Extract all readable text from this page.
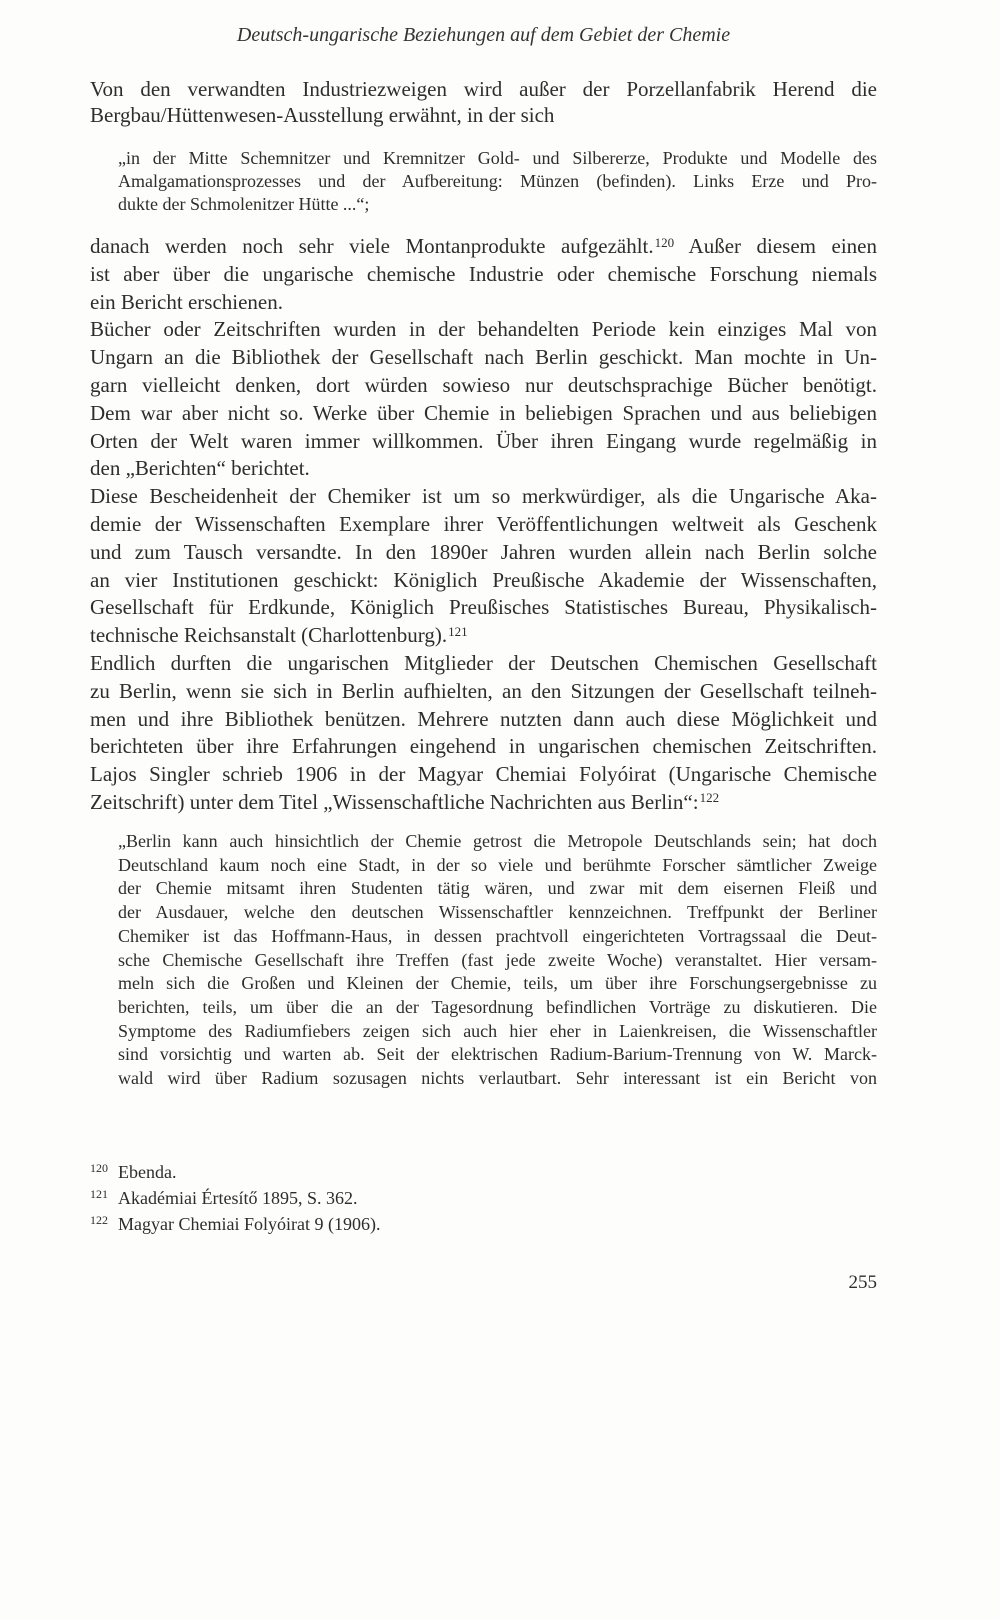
Deutsch-ungarische Beziehungen auf dem Gebiet der Chemie
Von den verwandten Industriezweigen wird außer der Porzellanfabrik Herend die
Bergbau/Hüttenwesen-Ausstellung erwähnt, in der sich
„in der Mitte Schemnitzer und Kremnitzer Gold- und Silbererze, Produkte und Modelle des
Amalgamationsprozesses und der Aufbereitung: Münzen (befinden). Links Erze und Pro-
dukte der Schmolenitzer Hütte ...“;
danach werden noch sehr viele Montanprodukte aufgezählt.$^{120}$ Außer diesem einen
ist aber über die ungarische chemische Industrie oder chemische Forschung niemals
ein Bericht erschienen.
Bücher oder Zeitschriften wurden in der behandelten Periode kein einziges Mal von
Ungarn an die Bibliothek der Gesellschaft nach Berlin geschickt. Man mochte in Un-
garn vielleicht denken, dort würden sowieso nur deutschsprachige Bücher benötigt.
Dem war aber nicht so. Werke über Chemie in beliebigen Sprachen und aus beliebigen
Orten der Welt waren immer willkommen. Über ihren Eingang wurde regelmäßig in
den „Berichten“ berichtet.
Diese Bescheidenheit der Chemiker ist um so merkwürdiger, als die Ungarische Aka-
demie der Wissenschaften Exemplare ihrer Veröffentlichungen weltweit als Geschenk
und zum Tausch versandte. In den 1890er Jahren wurden allein nach Berlin solche
an vier Institutionen geschickt: Königlich Preußische Akademie der Wissenschaften,
Gesellschaft für Erdkunde, Königlich Preußisches Statistisches Bureau, Physikalisch-
technische Reichsanstalt (Charlottenburg).$^{121}$
Endlich durften die ungarischen Mitglieder der Deutschen Chemischen Gesellschaft
zu Berlin, wenn sie sich in Berlin aufhielten, an den Sitzungen der Gesellschaft teilneh-
men und ihre Bibliothek benützen. Mehrere nutzten dann auch diese Möglichkeit und
berichteten über ihre Erfahrungen eingehend in ungarischen chemischen Zeitschriften.
Lajos Singler schrieb 1906 in der Magyar Chemiai Folyóirat (Ungarische Chemische
Zeitschrift) unter dem Titel „Wissenschaftliche Nachrichten aus Berlin“:$^{122}$
„Berlin kann auch hinsichtlich der Chemie getrost die Metropole Deutschlands sein; hat doch
Deutschland kaum noch eine Stadt, in der so viele und berühmte Forscher sämtlicher Zweige
der Chemie mitsamt ihren Studenten tätig wären, und zwar mit dem eisernen Fleiß und
der Ausdauer, welche den deutschen Wissenschaftler kennzeichnen. Treffpunkt der Berliner
Chemiker ist das Hoffmann-Haus, in dessen prachtvoll eingerichteten Vortragssaal die Deut-
sche Chemische Gesellschaft ihre Treffen (fast jede zweite Woche) veranstaltet. Hier versam-
meln sich die Großen und Kleinen der Chemie, teils, um über ihre Forschungsergebnisse zu
berichten, teils, um über die an der Tagesordnung befindlichen Vorträge zu diskutieren. Die
Symptome des Radiumfiebers zeigen sich auch hier eher in Laienkreisen, die Wissenschaftler
sind vorsichtig und warten ab. Seit der elektrischen Radium-Barium-Trennung von W. Marck-
wald wird über Radium sozusagen nichts verlautbart. Sehr interessant ist ein Bericht von
120 Ebenda.
121 Akadémiai Értesítő 1895, S. 362.
122 Magyar Chemiai Folyóirat 9 (1906).
255
